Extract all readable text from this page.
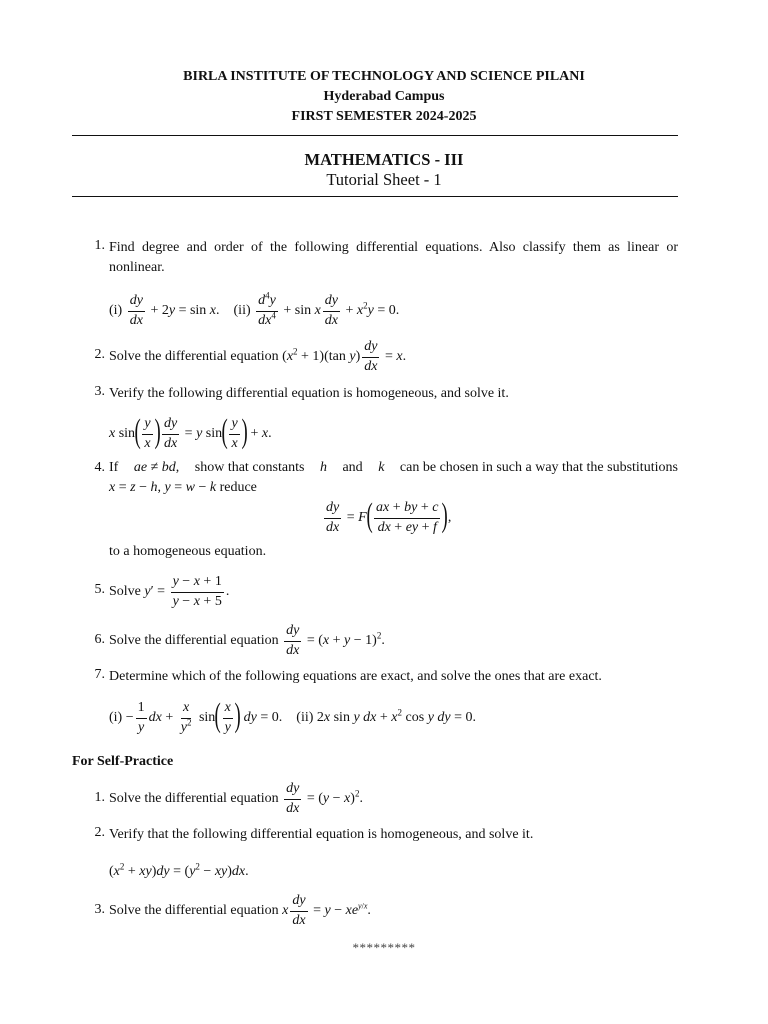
BIRLA INSTITUTE OF TECHNOLOGY AND SCIENCE PILANI
Hyderabad Campus
FIRST SEMESTER 2024-2025
MATHEMATICS - III
Tutorial Sheet - 1
1. Find degree and order of the following differential equations. Also classify them as linear or nonlinear.
$(i) \frac{dy}{dx} + 2y = \sin x$.    $(ii) \frac{d^4y}{dx^4} + \sin x \frac{dy}{dx} + x^2y = 0$.
2. Solve the differential equation $(x^2 + 1)(\tan$ $y) \frac{dy}{dx} = x$.
3. Verify the following differential equation is homogeneous, and solve it.
x sin ( $\frac{y}{x}$ ) $\frac{dy}{dx} = y$ sin ( $\frac{y}{x}$ ) + x.
4. If ae ≠ bd, show that constants h and k can be chosen in such a way that the substitutions
x = z − h, y = w − k reduce
$\frac{dy}{dx} = F$ ( $\frac{ax + by + c}{dx + ey + f}$ ) ,
to a homogeneous equation.
5. Solve $y' = \frac{y - x + 1}{y - x + 5}$ .
6. Solve the differential equation
$\frac{dy}{dx} = (x + y - 1)^2$.
7. Determine which of the following equations are exact, and solve the ones that are exact.
$(i) - \frac{1}{y}$ dx + $\frac{x}{y^2}$ sin ( $\frac{x}{y}$ ) dy = 0.    (ii) 2x sin y dx + $x^2$ cos y dy = 0.
For Self-Practice
1. Solve the differential equation
$\frac{dy}{dx} = (y - x)^2$.
2. Verify that the following differential equation is homogeneous, and solve it.
$(x^2 + xy)dy = (y^2 - xy)dx$.
3. Solve the differential equation x $\frac{dy}{dx} = y - xe^{y/x}$.
*********
